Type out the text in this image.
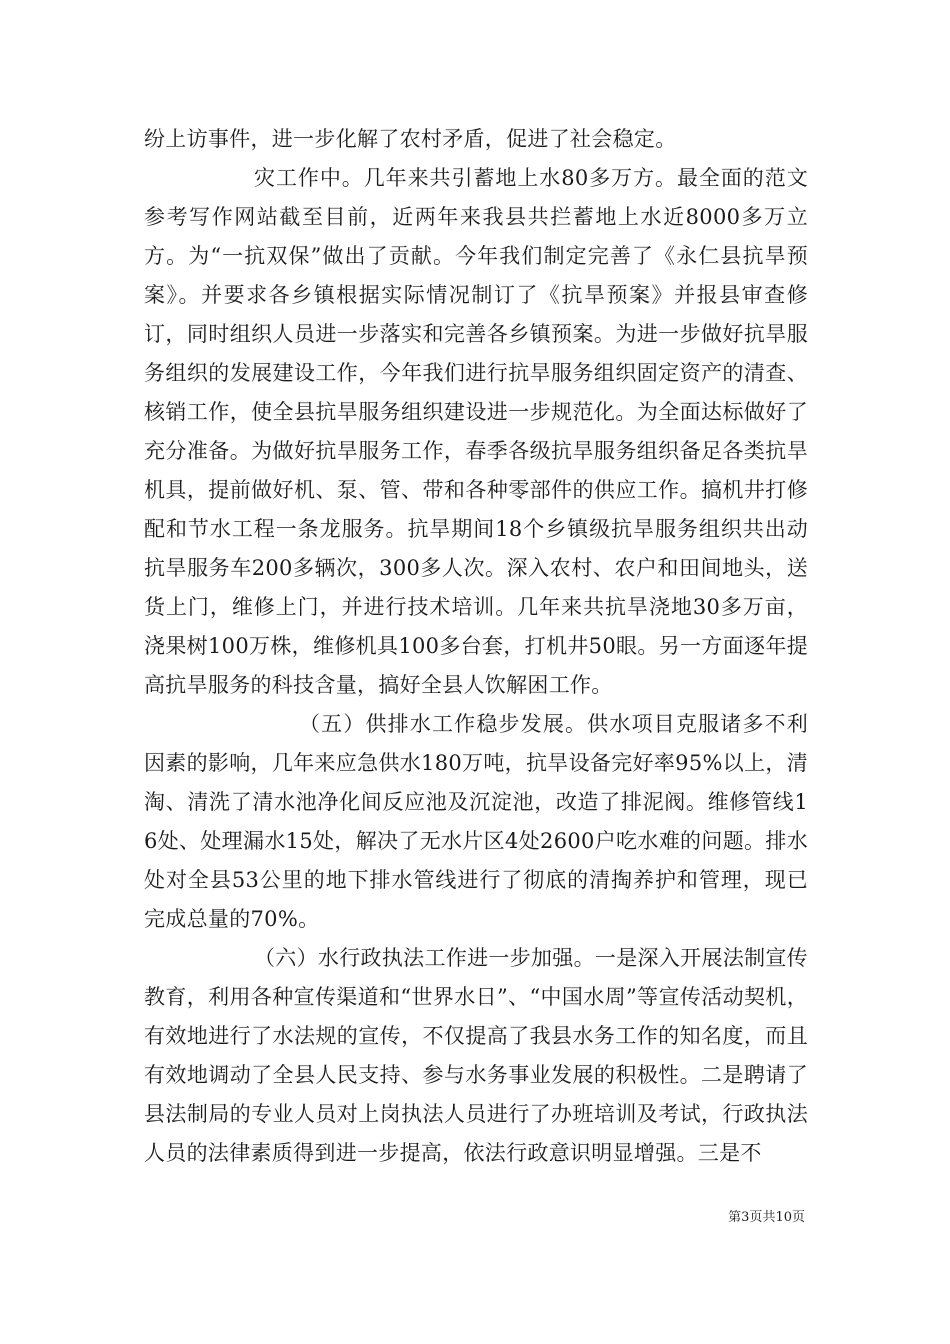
纷上访事件，进一步化解了农村矛盾，促进了社会稳定。

灾工作中。几年来共引蓄地上水80多万方。最全面的范文参考写作网站截至目前，近两年来我县共拦蓄地上水近8000多万立方。为“一抗双保”做出了贡献。今年我们制定完善了《永仁县抗旱预案》。并要求各乡镇根据实际情况制订了《抗旱预案》并报县审查修订，同时组织人员进一步落实和完善各乡镇预案。为进一步做好抗旱服务组织的发展建设工作，今年我们进行抗旱服务组织固定资产的清查、核销工作，使全县抗旱服务组织建设进一步规范化。为全面达标做好了充分准备。为做好抗旱服务工作，春季各级抗旱服务组织备足各类抗旱机具，提前做好机、泵、管、带和各种零部件的供应工作。搞机井打修配和节水工程一条龙服务。抗旱期间18个乡镇级抗旱服务组织共出动抗旱服务车200多辆次，300多人次。深入农村、农户和田间地头，送货上门，维修上门，并进行技术培训。几年来共抗旱浇地30多万亩，浇果树100万株，维修机具100多台套，打机井50眼。另一方面逐年提高抗旱服务的科技含量，搞好全县人饮解困工作。

（五）供排水工作稳步发展。供水项目克服诸多不利因素的影响，几年来应急供水180万吨，抗旱设备完好率95%以上，清淘、清洗了清水池净化间反应池及沉淀池，改造了排泥阀。维修管线16处、处理漏水15处，解决了无水片区4处2600户吃水难的问题。排水处对全县53公里的地下排水管线进行了彻底的清掏养护和管理，现已完成总量的70%。

（六）水行政执法工作进一步加强。一是深入开展法制宣传教育，利用各种宣传渠道和“世界水日”、“中国水周”等宣传活动契机，有效地进行了水法规的宣传，不仅提高了我县水务工作的知名度，而且有效地调动了全县人民支持、参与水务事业发展的积极性。二是聘请了县法制局的专业人员对上岗执法人员进行了办班培训及考试，行政执法人员的法律素质得到进一步提高，依法行政意识明显增强。三是不

第3页共10页
